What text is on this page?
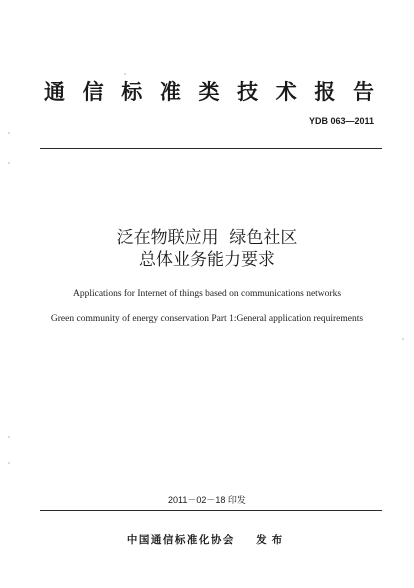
通 信 标 准 类 技 术 报 告
YDB 063—2011
泛在物联应用  绿色社区
总体业务能力要求
Applications for Internet of things based on communications networks
Green community of energy conservation Part 1:General application requirements
2011－02－18 印发
中国通信标准化协会 发布
